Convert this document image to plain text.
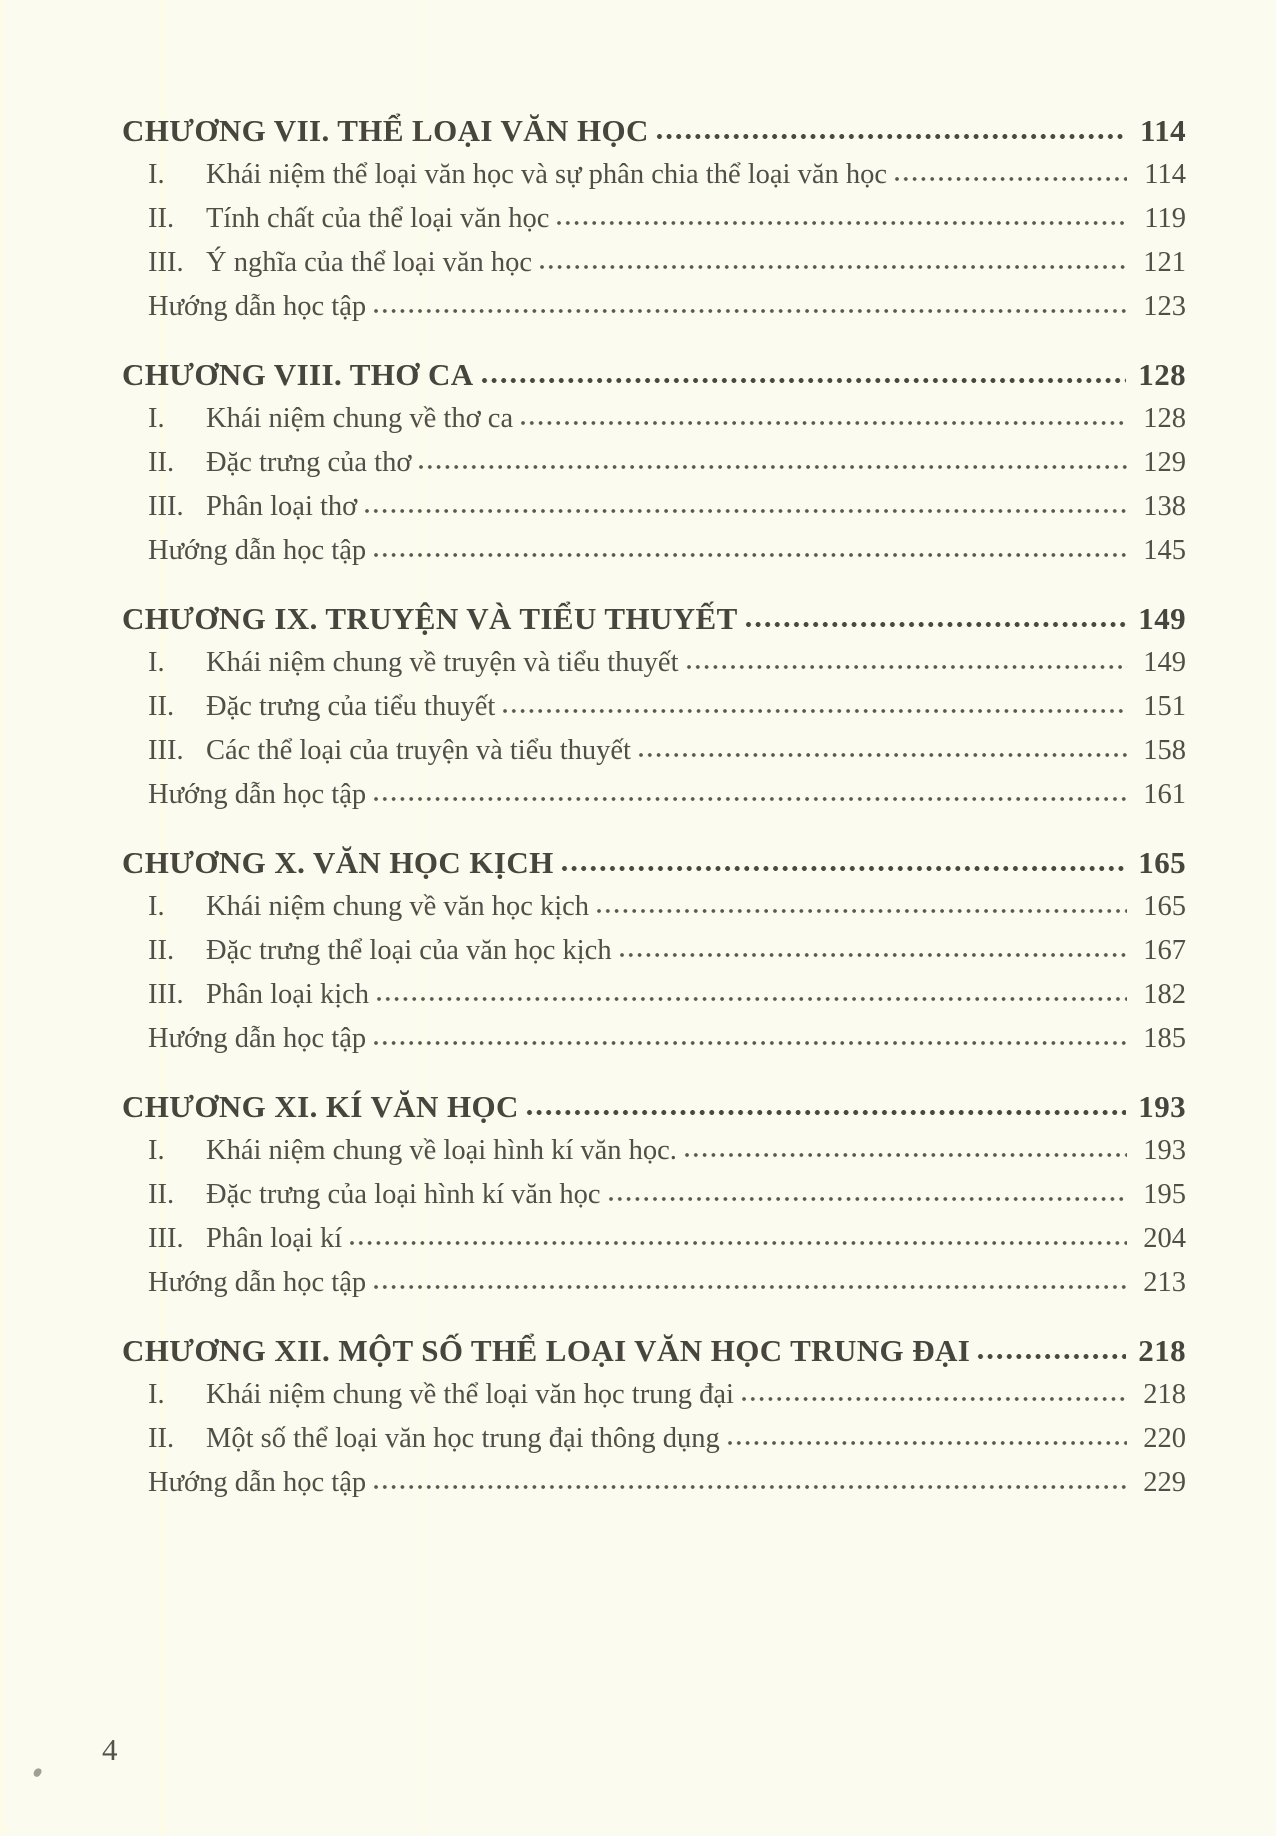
CHƯƠNG VII. THỂ LOẠI VĂN HỌC	114
I.	Khái niệm thể loại văn học và sự phân chia thể loại văn học	114
II.	Tính chất của thể loại văn học	119
III. Ý nghĩa của thể loại văn học	121
Hướng dẫn học tập	123
CHƯƠNG VIII. THƠ CA	128
I.	Khái niệm chung về thơ ca	128
II.	Đặc trưng của thơ	129
III. Phân loại thơ	138
Hướng dẫn học tập	145
CHƯƠNG IX. TRUYỆN VÀ TIỂU THUYẾT	149
I.	Khái niệm chung về truyện và tiểu thuyết	149
II.	Đặc trưng của tiểu thuyết	151
III. Các thể loại của truyện và tiểu thuyết	158
Hướng dẫn học tập	161
CHƯƠNG X. VĂN HỌC KỊCH	165
I.	Khái niệm chung về văn học kịch	165
II.	Đặc trưng thể loại của văn học kịch	167
III. Phân loại kịch	182
Hướng dẫn học tập	185
CHƯƠNG XI. KÍ VĂN HỌC	193
I.	Khái niệm chung về loại hình kí văn học.	193
II.	Đặc trưng của loại hình kí văn học	195
III. Phân loại kí	204
Hướng dẫn học tập	213
CHƯƠNG XII. MỘT SỐ THỂ LOẠI VĂN HỌC TRUNG ĐẠI	218
I.	Khái niệm chung về thể loại văn học trung đại	218
II.	Một số thể loại văn học trung đại thông dụng	220
Hướng dẫn học tập	229
4
